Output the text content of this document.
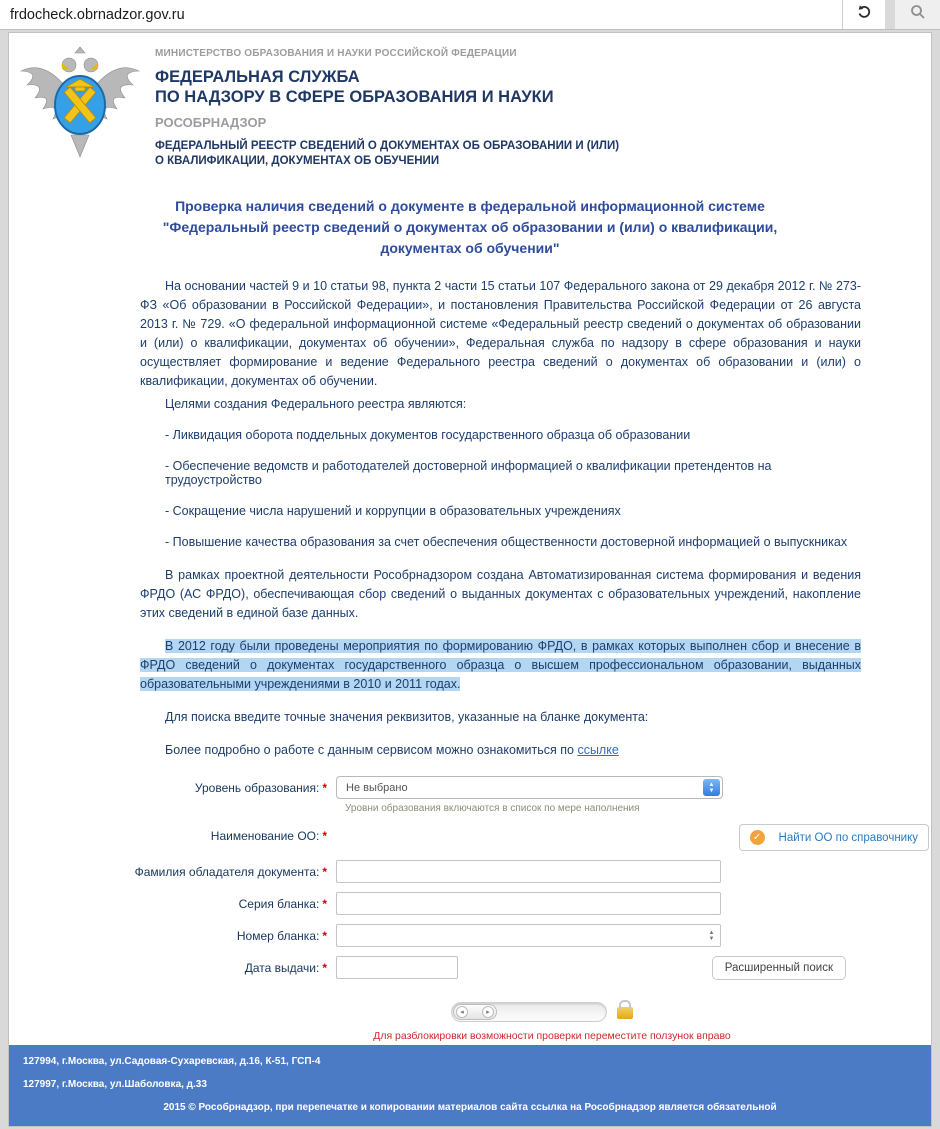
frdocheck.obrnadzor.gov.ru
МИНИСТЕРСТВО ОБРАЗОВАНИЯ И НАУКИ РОССИЙСКОЙ ФЕДЕРАЦИИ
ФЕДЕРАЛЬНАЯ СЛУЖБА
ПО НАДЗОРУ В СФЕРЕ ОБРАЗОВАНИЯ И НАУКИ
РОСОБРНАДЗОР
ФЕДЕРАЛЬНЫЙ РЕЕСТР СВЕДЕНИЙ О ДОКУМЕНТАХ ОБ ОБРАЗОВАНИИ И (ИЛИ)
О КВАЛИФИКАЦИИ, ДОКУМЕНТАХ ОБ ОБУЧЕНИИ
Проверка наличия сведений о документе в федеральной информационной системе "Федеральный реестр сведений о документах об образовании и (или) о квалификации, документах об обучении"

На основании частей 9 и 10 статьи 98, пункта 2 части 15 статьи 107 Федерального закона от 29 декабря 2012 г. № 273-ФЗ «Об образовании в Российской Федерации», и постановления Правительства Российской Федерации от 26 августа 2013 г. № 729. «О федеральной информационной системе «Федеральный реестр сведений о документах об образовании и (или) о квалификации, документах об обучении», Федеральная служба по надзору в сфере образования и науки осуществляет формирование и ведение Федерального реестра сведений о документах об образовании и (или) о квалификации, документах об обучении.

Целями создания Федерального реестра являются:

- Ликвидация оборота поддельных документов государственного образца об образовании

- Обеспечение ведомств и работодателей достоверной информацией о квалификации претендентов на трудоустройство

- Сокращение числа нарушений и коррупции в образовательных учреждениях

- Повышение качества образования за счет обеспечения общественности достоверной информацией о выпускниках

В рамках проектной деятельности Рособрнадзором создана Автоматизированная система формирования и ведения ФРДО (АС ФРДО), обеспечивающая сбор сведений о выданных документах с образовательных учреждений, накопление этих сведений в единой базе данных.

В 2012 году были проведены мероприятия по формированию ФРДО, в рамках которых выполнен сбор и внесение в ФРДО сведений о документах государственного образца о высшем профессиональном образовании, выданных образовательными учреждениями в 2010 и 2011 годах.

Для поиска введите точные значения реквизитов, указанные на бланке документа:

Более подробно о работе с данным сервисом можно ознакомиться по ссылке

Уровень образования: *	Не выбрано	▲
▼
Уровни образования включаются в список по мере наполнения
Наименование ОО: *	✓ Найти ОО по справочнику
Фамилия обладателя документа: *
Серия бланка: *
Номер бланка: *	▲
▼
Дата выдачи: *	Расширенный поиск
◂	▸
Для разблокировки возможности проверки переместите ползунок вправо
127994, г.Москва, ул.Садовая-Сухаревская, д.16, К-51, ГСП-4
127997, г.Москва, ул.Шаболовка, д.33
2015 © Рособрнадзор, при перепечатке и копировании материалов сайта ссылка на Рособрнадзор является обязательной
